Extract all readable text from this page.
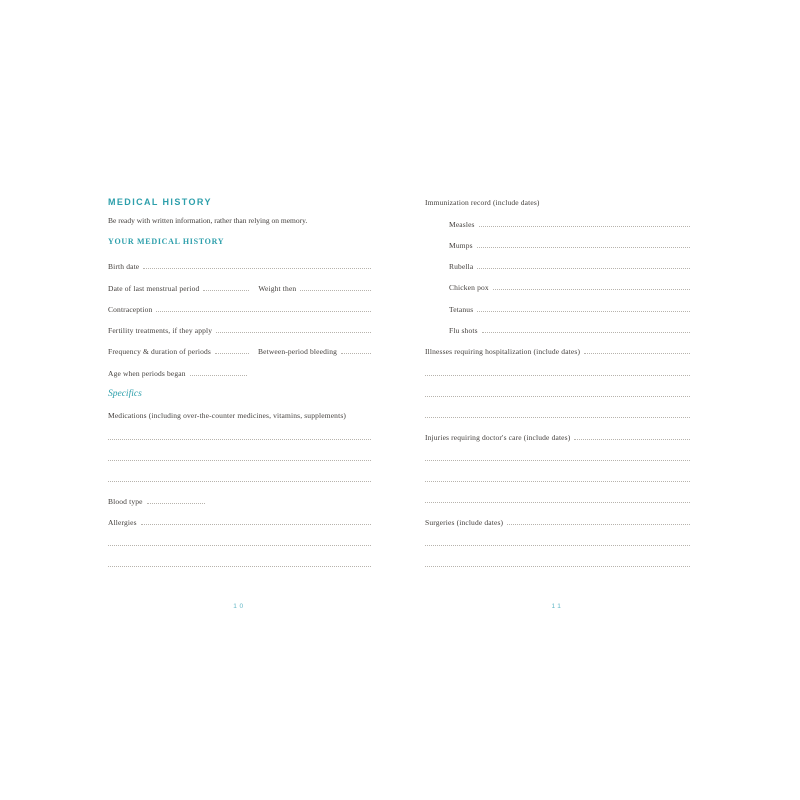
MEDICAL HISTORY

Be ready with written information, rather than relying on memory.

YOUR MEDICAL HISTORY
Birth date
Date of last menstrual period	Weight then
Contraception
Fertility treatments, if they apply
Frequency & duration of periods	Between-period bleeding
Age when periods began
Specifics
Medications (including over-the-counter medicines, vitamins, supplements)
Blood type
Allergies
10
Immunization record (include dates)
Measles
Mumps
Rubella
Chicken pox
Tetanus
Flu shots
Illnesses requiring hospitalization (include dates)
Injuries requiring doctor's care (include dates)
Surgeries (include dates)
11
